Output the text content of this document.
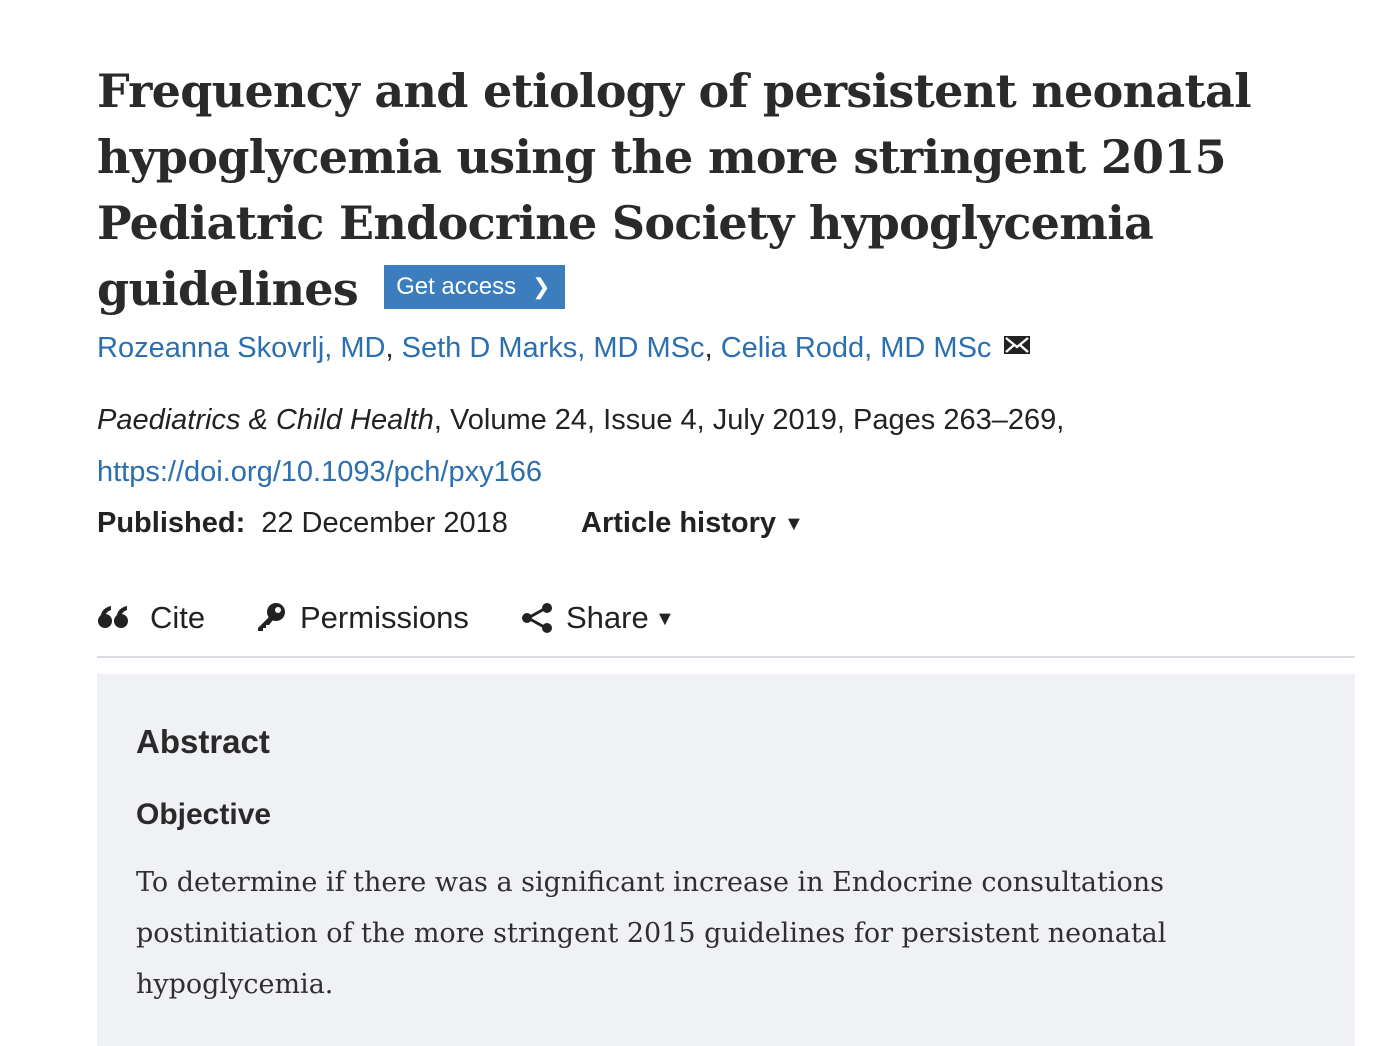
Frequency and etiology of persistent neonatal hypoglycemia using the more stringent 2015 Pediatric Endocrine Society hypoglycemia guidelines Get access ❯
Rozeanna Skovrlj, MD, Seth D Marks, MD MSc, Celia Rodd, MD MSc
Paediatrics & Child Health, Volume 24, Issue 4, July 2019, Pages 263–269,
https://doi.org/10.1093/pch/pxy166
Published: 22 December 2018	Article history ▼
Cite	Permissions	Share ▼
Abstract
Objective

To determine if there was a significant increase in Endocrine consultations postinitiation of the more stringent 2015 guidelines for persistent neonatal hypoglycemia.
